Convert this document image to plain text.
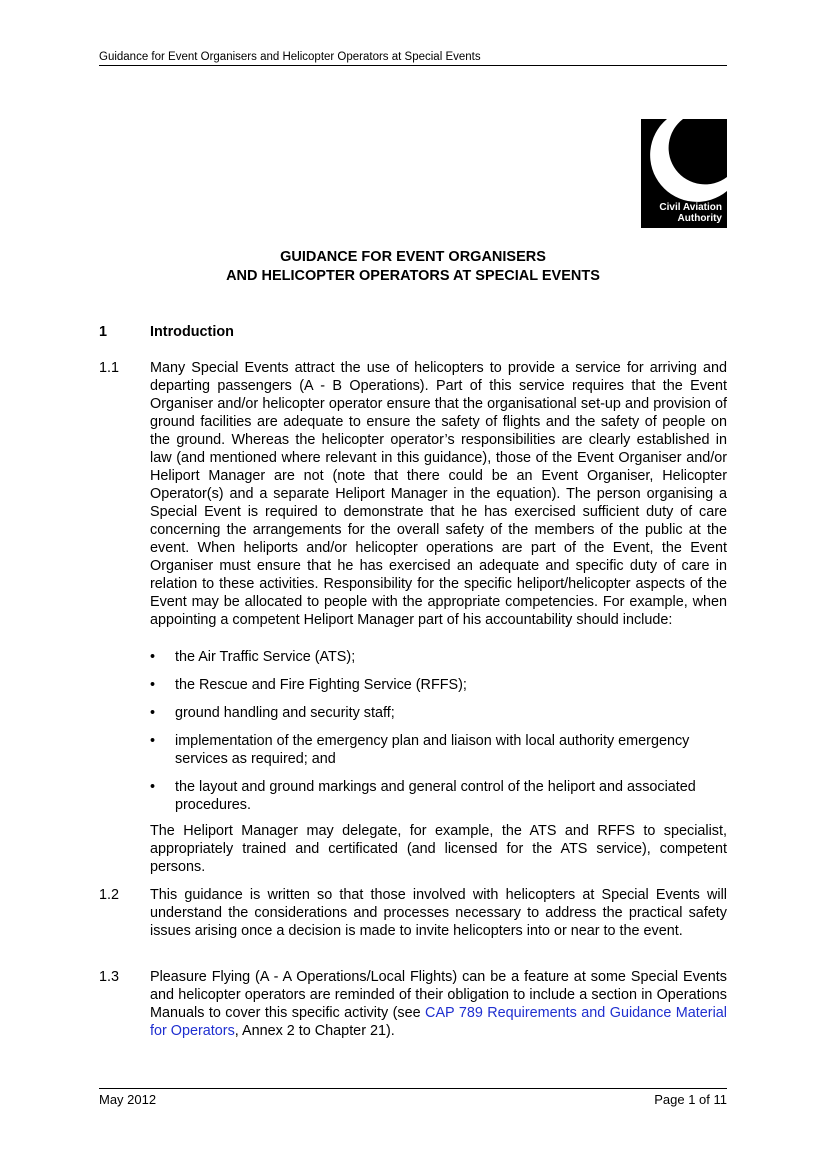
Guidance for Event Organisers and Helicopter Operators at Special Events
Civil Aviation
Authority
GUIDANCE FOR EVENT ORGANISERS
AND HELICOPTER OPERATORS AT SPECIAL EVENTS
1	Introduction
1.1	Many Special Events attract the use of helicopters to provide a service for arriving and departing passengers (A - B Operations). Part of this service requires that the Event Organiser and/or helicopter operator ensure that the organisational set-up and provision of ground facilities are adequate to ensure the safety of flights and the safety of people on the ground. Whereas the helicopter operator’s responsibilities are clearly established in law (and mentioned where relevant in this guidance), those of the Event Organiser and/or Heliport Manager are not (note that there could be an Event Organiser, Helicopter Operator(s) and a separate Heliport Manager in the equation). The person organising a Special Event is required to demonstrate that he has exercised sufficient duty of care concerning the arrangements for the overall safety of the members of the public at the event. When heliports and/or helicopter operations are part of the Event, the Event Organiser must ensure that he has exercised an adequate and specific duty of care in relation to these activities. Responsibility for the specific heliport/helicopter aspects of the Event may be allocated to people with the appropriate competencies. For example, when appointing a competent Heliport Manager part of his accountability should include:
• the Air Traffic Service (ATS);
• the Rescue and Fire Fighting Service (RFFS);
• ground handling and security staff;
• implementation of the emergency plan and liaison with local authority emergency services as required; and
• the layout and ground markings and general control of the heliport and associated procedures.
The Heliport Manager may delegate, for example, the ATS and RFFS to specialist, appropriately trained and certificated (and licensed for the ATS service), competent persons.
1.2	This guidance is written so that those involved with helicopters at Special Events will understand the considerations and processes necessary to address the practical safety issues arising once a decision is made to invite helicopters into or near to the event.
1.3	Pleasure Flying (A - A Operations/Local Flights) can be a feature at some Special Events and helicopter operators are reminded of their obligation to include a section in Operations Manuals to cover this specific activity (see CAP 789 Requirements and Guidance Material for Operators, Annex 2 to Chapter 21).
May 2012	Page 1 of 11
